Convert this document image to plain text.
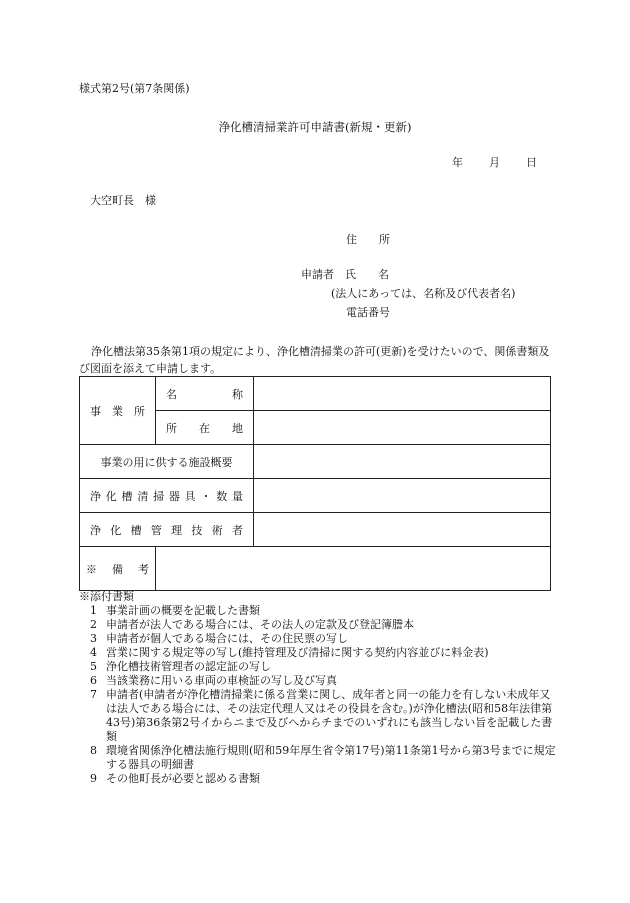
様式第2号(第7条関係)
浄化槽清掃業許可申請書(新規・更新)
年 月 日
大空町長　様
住　　所
申請者　氏　　名
(法人にあっては、名称及び代表者名)
電話番号
浄化槽法第35条第1項の規定により、浄化槽清掃業の許可(更新)を受けたいので、関係書類及び図面を添えて申請します。
事　業　所	名称	
	所在地	
事業の用に供する施設概要		
浄化槽清掃器具・数量		
浄化槽管理技術者		
※　備　考		
※添付書類
1 事業計画の概要を記載した書類
2 申請者が法人である場合には、その法人の定款及び登記簿謄本
3 申請者が個人である場合には、その住民票の写し
4 営業に関する規定等の写し(維持管理及び清掃に関する契約内容並びに料金表)
5 浄化槽技術管理者の認定証の写し
6 当該業務に用いる車両の車検証の写し及び写真
7 申請者(申請者が浄化槽清掃業に係る営業に関し、成年者と同一の能力を有しない未成年又は法人である場合には、その法定代理人又はその役員を含む。)が浄化槽法(昭和58年法律第43号)第36条第2号イからニまで及びへからチまでのいずれにも該当しない旨を記載した書類
8 環境省関係浄化槽法施行規則(昭和59年厚生省令第17号)第11条第1号から第3号までに規定する器具の明細書
9 その他町長が必要と認める書類
